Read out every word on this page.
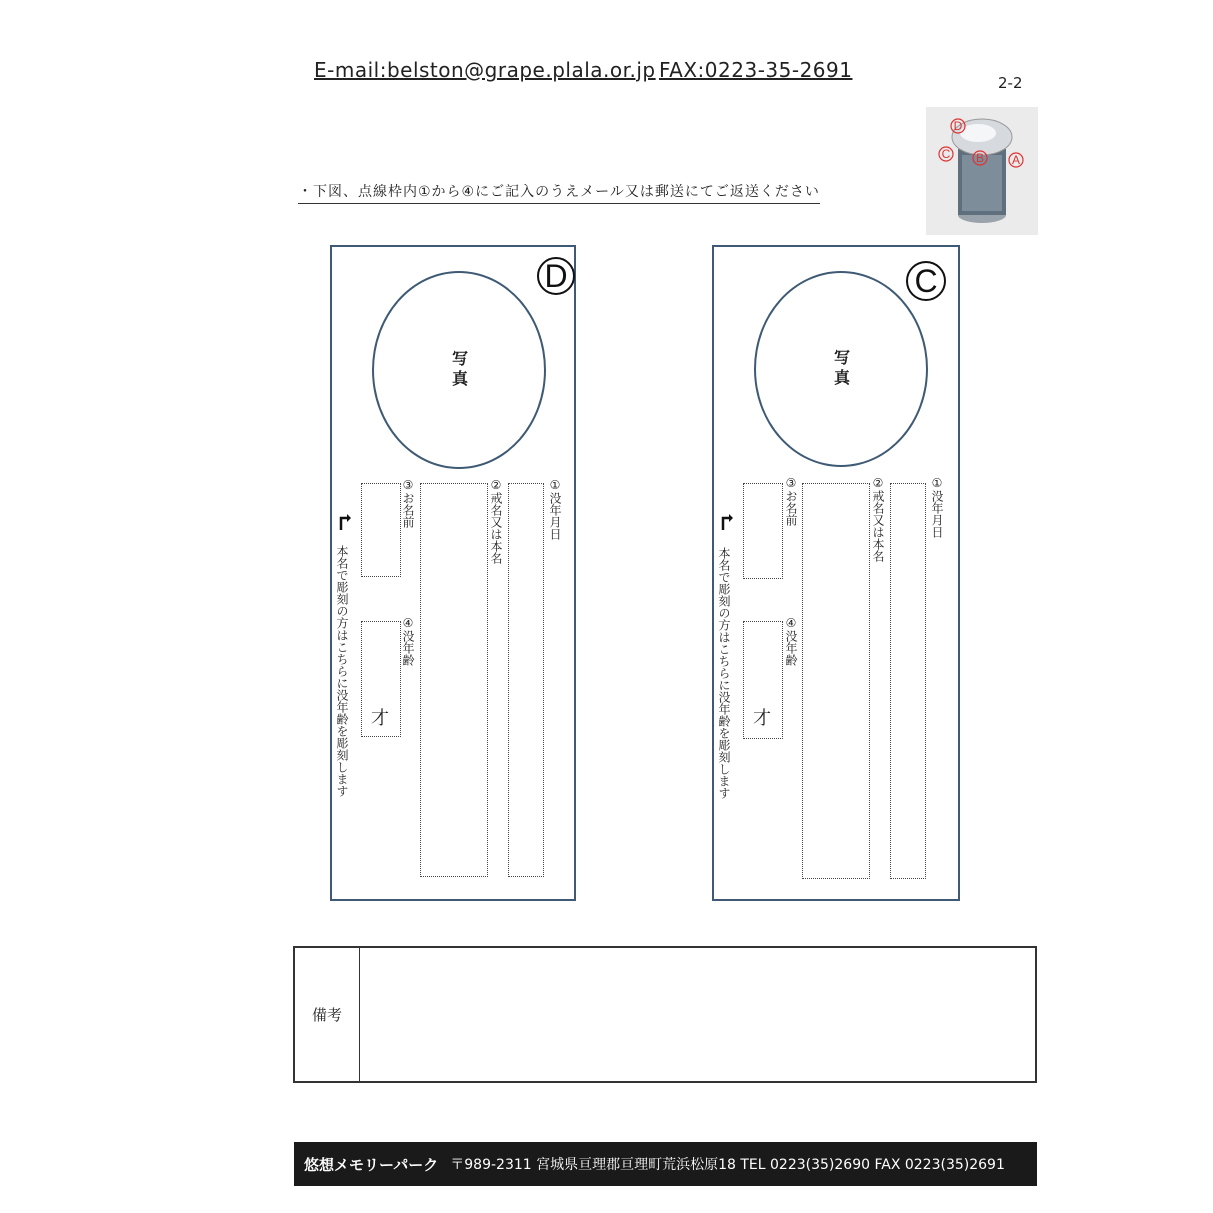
E-mail:belston@grape.plala.or.jp FAX:0223-35-2691
2-2
D
C B A
・下図、点線枠内①から④にご記入のうえメール又は郵送にてご返送ください
D
写真
①没年月日
②戒名又は本名
③お名前
④没年齢
才
本名で彫刻の方はこちらに没年齢を彫刻します
C
写真
①没年月日
②戒名又は本名
③お名前
④没年齢
才
本名で彫刻の方はこちらに没年齢を彫刻します
備考
悠想メモリーパーク 〒989-2311 宮城県亘理郡亘理町荒浜松原18 TEL 0223(35)2690 FAX 0223(35)2691
